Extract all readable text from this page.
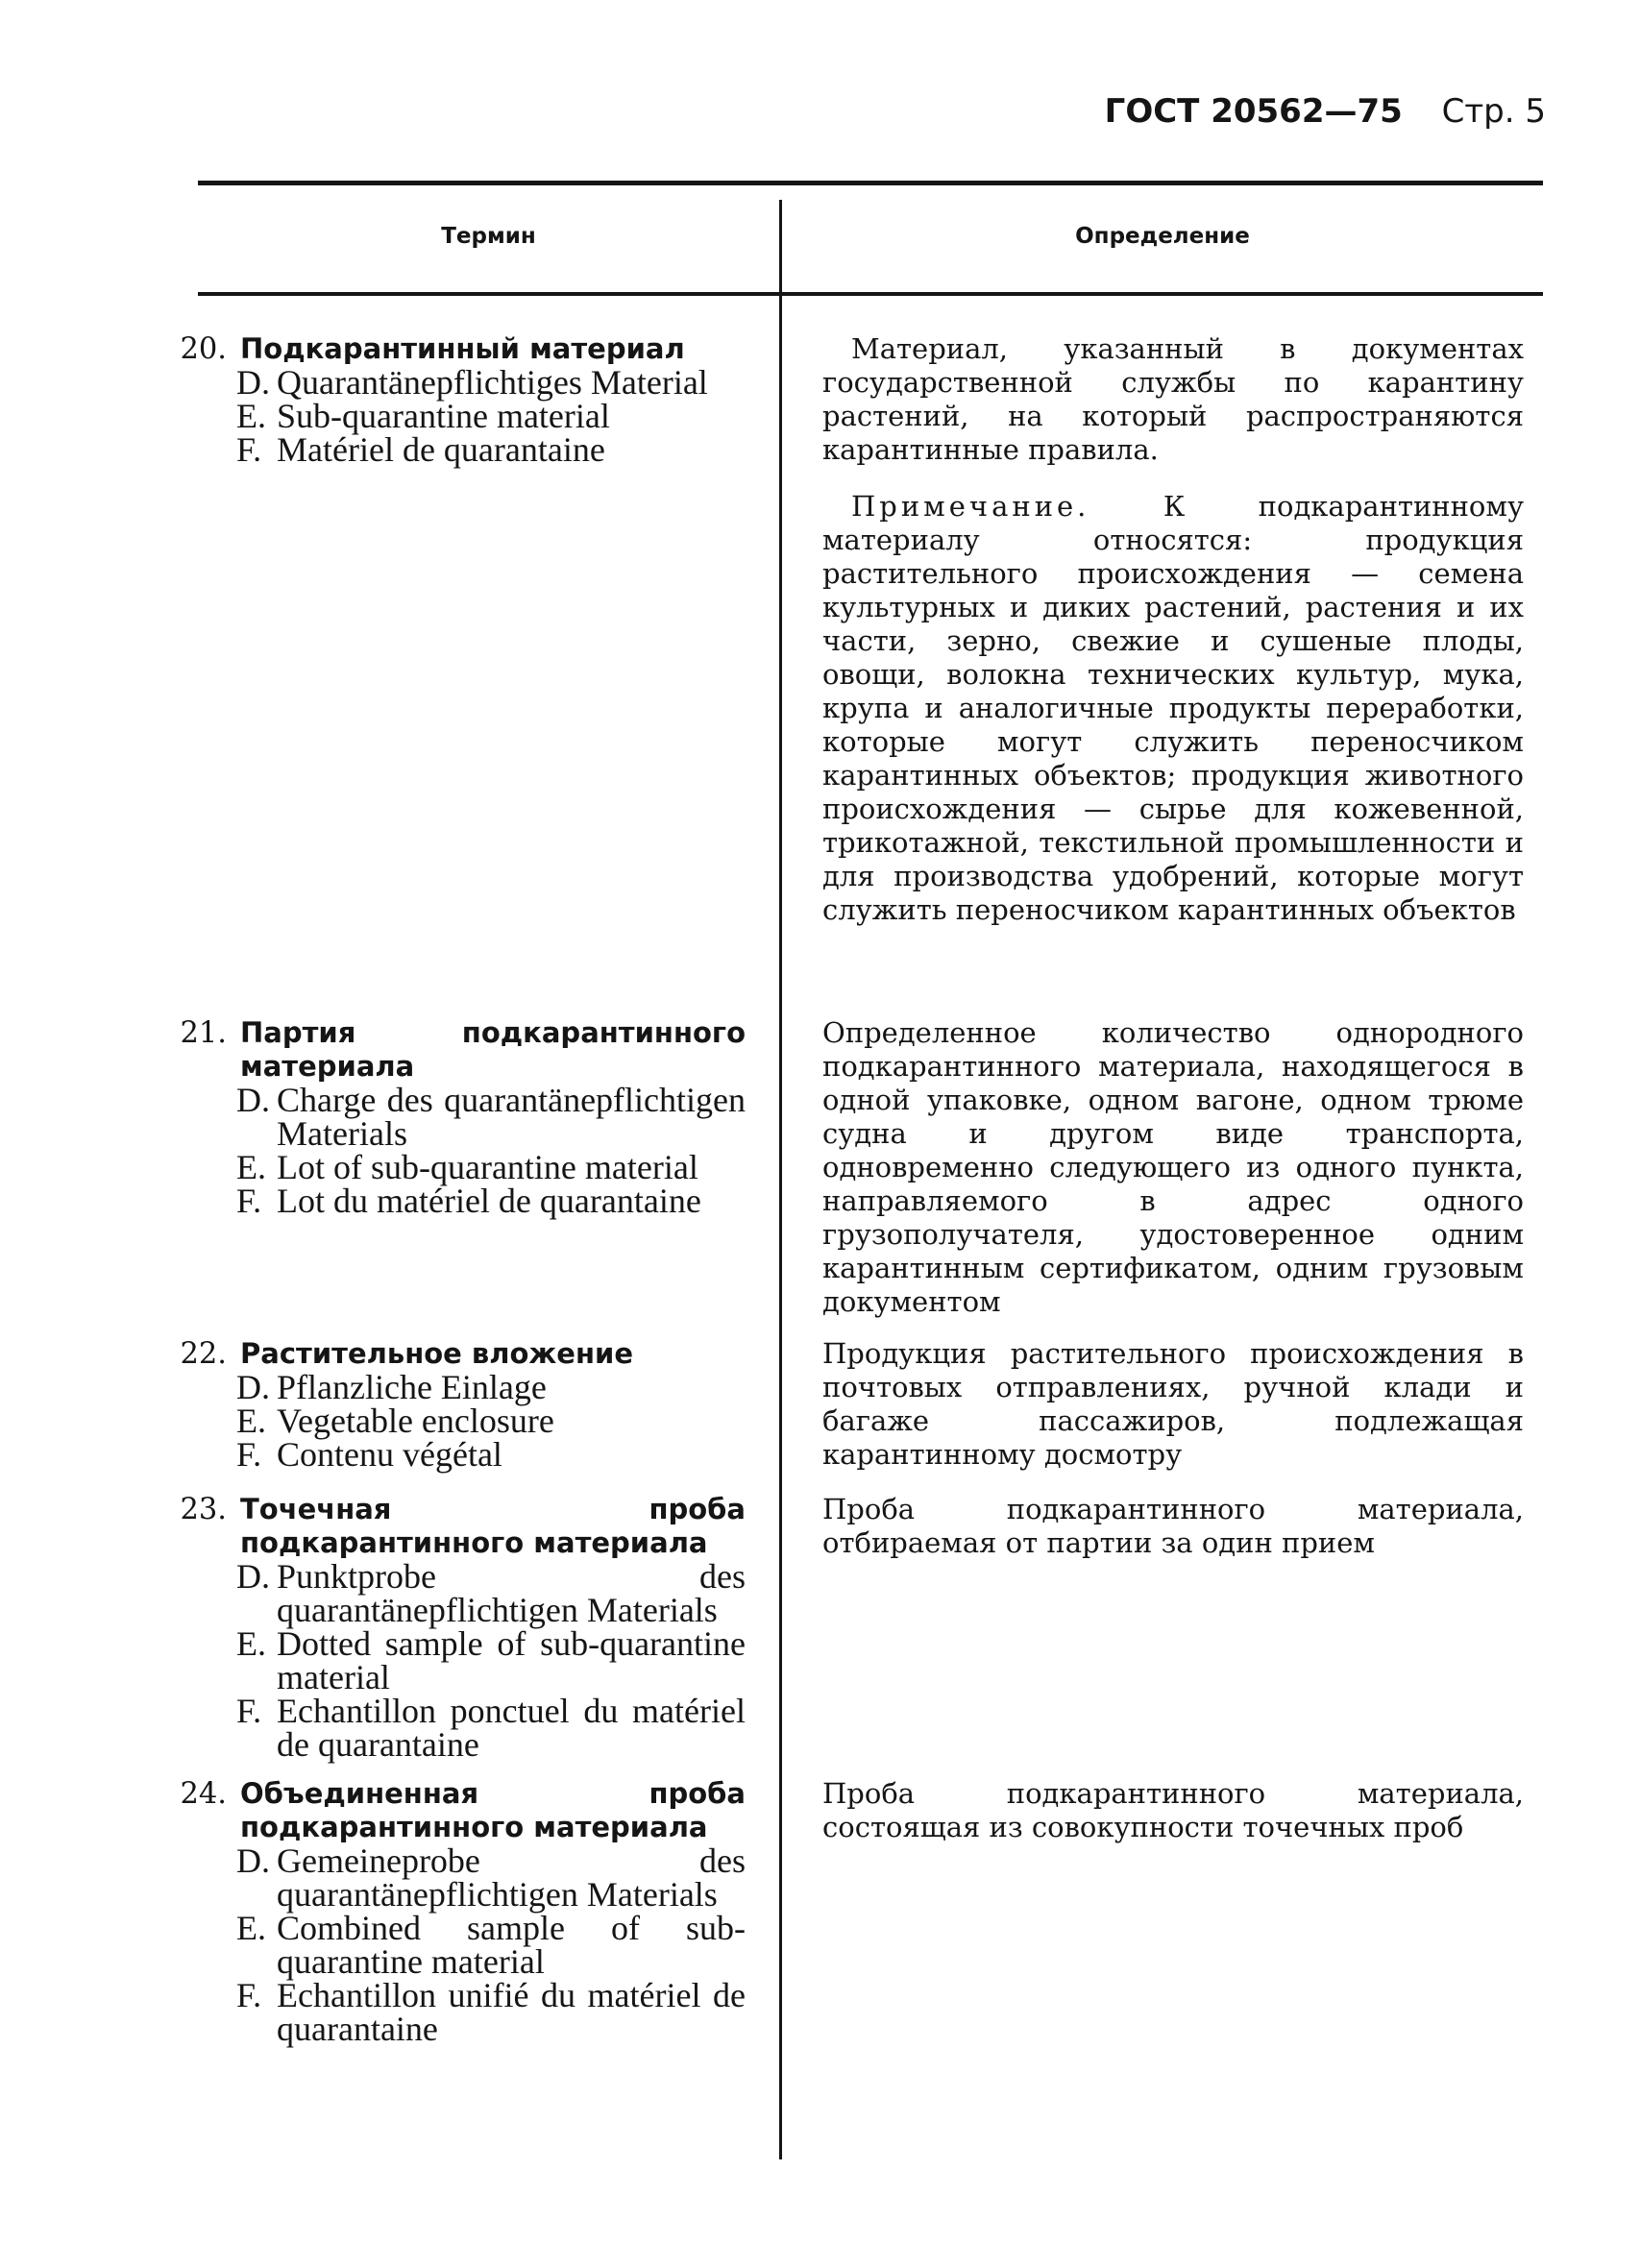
ГОСТ 20562—75 Стр. 5
Термин	Определение
20. Подкарантинный материал
D. Quarantänepflichtiges Material
E. Sub-quarantine material
F. Matériel de quarantaine
Материал, указанный в документах государственной службы по карантину растений, на который распространяются карантинные правила.
Примечание.	К подкарантинному материалу относятся: продукция растительного происхождения — семена культурных и диких растений, растения и их части, зерно, свежие и сушеные плоды, овощи, волокна технических культур, мука, крупа и аналогичные продукты переработки, которые могут служить переносчиком карантинных объектов; продукция животного происхождения — сырье для кожевенной, трикотажной, текстильной промышленности и для производства удобрений, которые могут служить переносчиком карантинных объектов
21. Партия подкарантинного материала
D. Charge des quarantänepflichtigen Materials
E. Lot of sub-quarantine material
F. Lot du matériel de quarantaine
Определенное количество однородного подкарантинного материала, находящегося в одной упаковке, одном вагоне, одном трюме судна и другом виде транспорта, одновременно следующего из одного пункта, направляемого в адрес одного грузополучателя, удостоверенное одним карантинным сертификатом, одним грузовым документом
22. Растительное вложение
D. Pflanzliche Einlage
E. Vegetable enclosure
F. Contenu végétal
Продукция растительного происхождения в почтовых отправлениях, ручной клади и багаже пассажиров, подлежащая карантинному досмотру
23. Точечная проба подкарантинного материала
D. Punktprobe des quarantänepflichtigen Materials
E. Dotted sample of sub-quarantine material
F. Echantillon ponctuel du matériel de quarantaine
Проба подкарантинного материала, отбираемая от партии за один прием
24. Объединенная проба подкарантинного материала
D. Gemeineprobe des quarantänepflichtigen Materials
E. Combined sample of sub-quarantine material
F. Echantillon unifié du matériel de quarantaine
Проба подкарантинного материала, состоящая из совокупности точечных проб
